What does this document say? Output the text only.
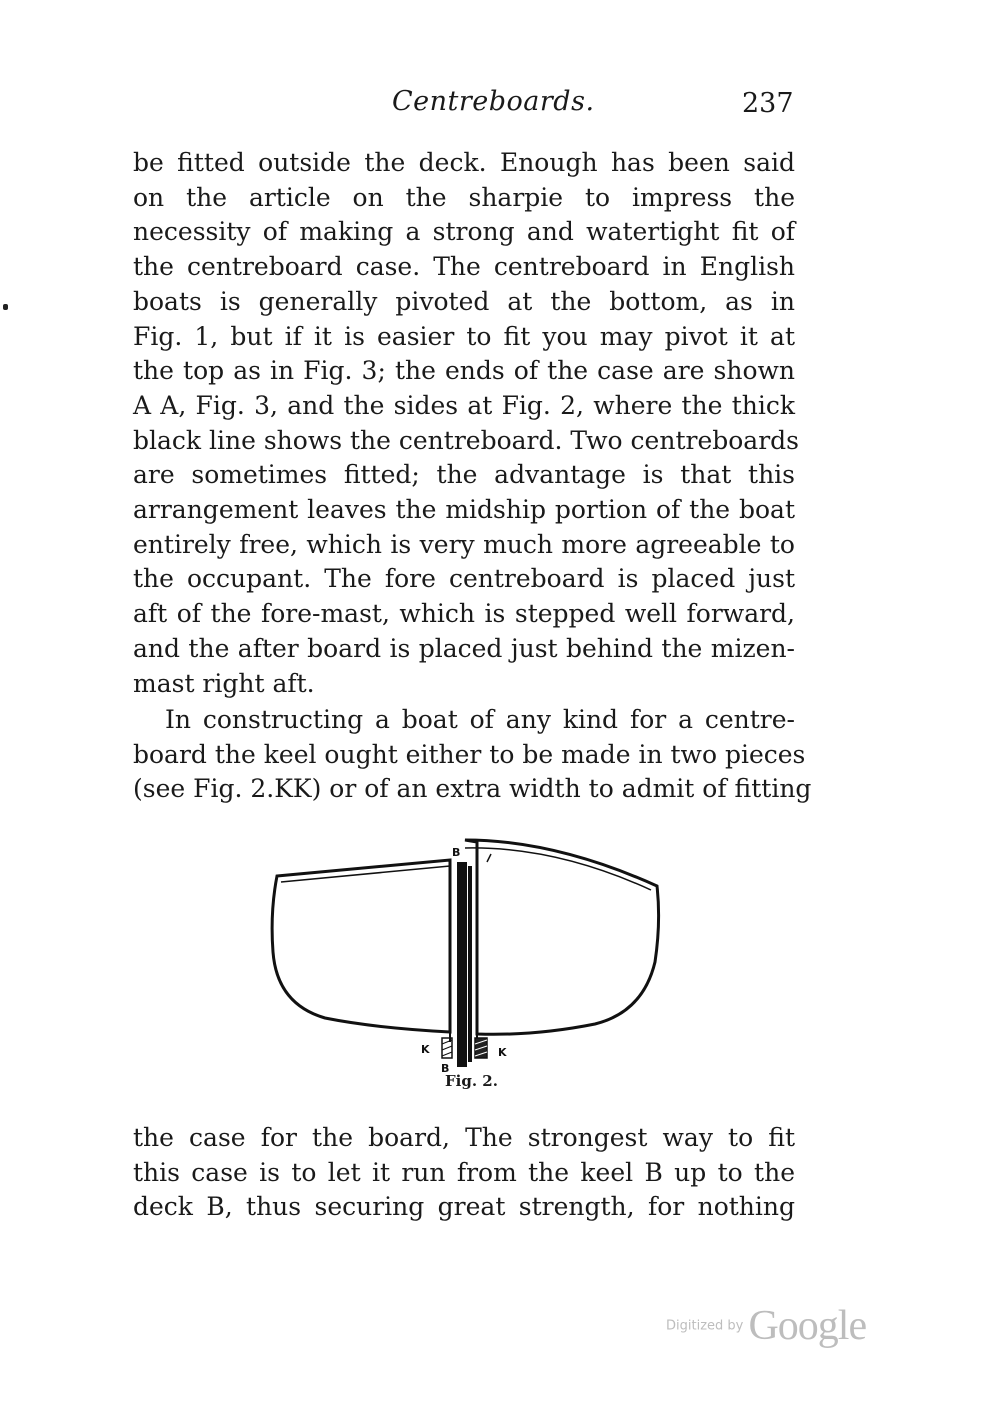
Centreboards.	237

be fitted outside the deck. Enough has been said
on the article on the sharpie to impress the
necessity of making a strong and watertight fit of
the centreboard case. The centreboard in English
boats is generally pivoted at the bottom, as in
Fig. 1, but if it is easier to fit you may pivot it at
the top as in Fig. 3; the ends of the case are shown
A A, Fig. 3, and the sides at Fig. 2, where the thick
black line shows the centreboard. Two centreboards
are sometimes fitted; the advantage is that this
arrangement leaves the midship portion of the boat
entirely free, which is very much more agreeable to
the occupant. The fore centreboard is placed just
aft of the fore-mast, which is stepped well forward,
and the after board is placed just behind the mizen-
mast right aft.

In constructing a boat of any kind for a centre-
board the keel ought either to be made in two pieces
(see Fig. 2.KK) or of an extra width to admit of fitting

B
K	K
B
Fig. 2.

the case for the board, The strongest way to fit
this case is to let it run from the keel B up to the
deck B, thus securing great strength, for nothing

Digitized by Google
